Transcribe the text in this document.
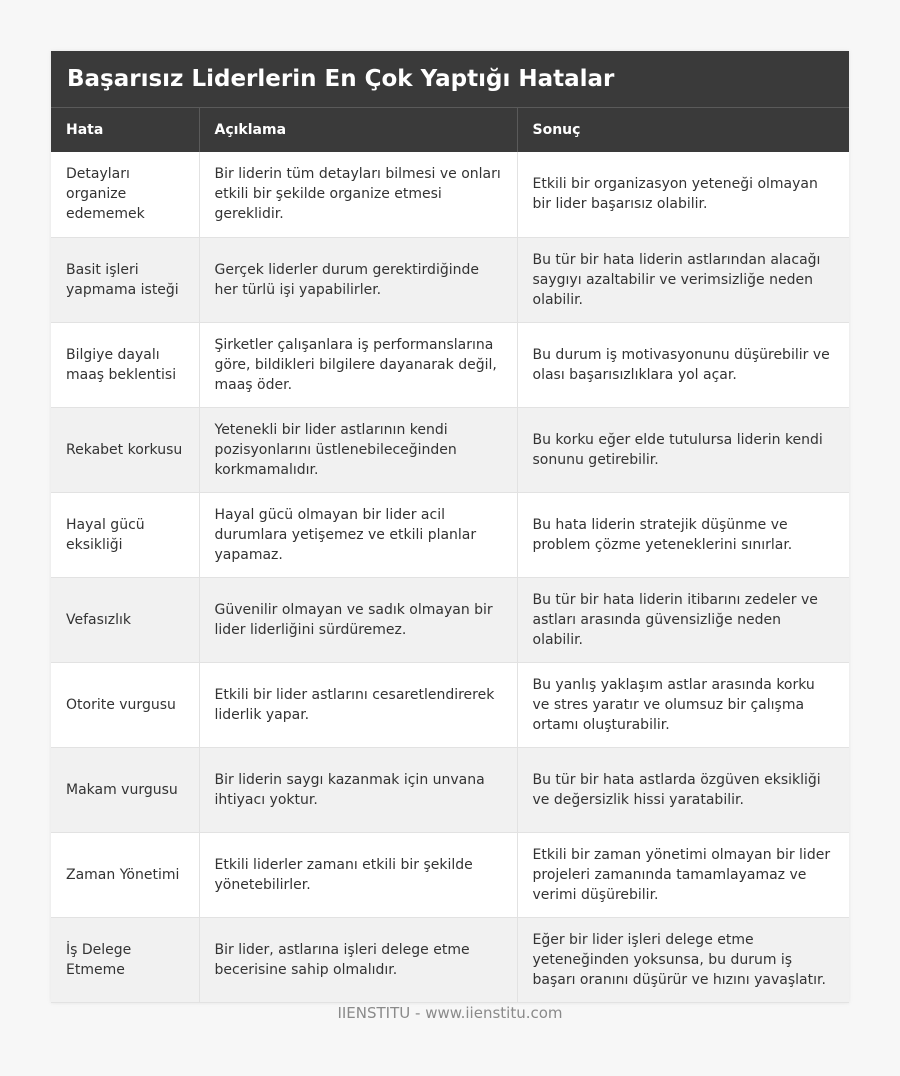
Başarısız Liderlerin En Çok Yaptığı Hatalar
Hata	Açıklama	Sonuç
Detayları organize edememek	Bir liderin tüm detayları bilmesi ve onları etkili bir şekilde organize etmesi gereklidir.	Etkili bir organizasyon yeteneği olmayan bir lider başarısız olabilir.
Basit işleri yapmama isteği	Gerçek liderler durum gerektirdiğinde her türlü işi yapabilirler.	Bu tür bir hata liderin astlarından alacağı saygıyı azaltabilir ve verimsizliğe neden olabilir.
Bilgiye dayalı maaş beklentisi	Şirketler çalışanlara iş performanslarına göre, bildikleri bilgilere dayanarak değil, maaş öder.	Bu durum iş motivasyonunu düşürebilir ve olası başarısızlıklara yol açar.
Rekabet korkusu	Yetenekli bir lider astlarının kendi pozisyonlarını üstlenebileceğinden korkmamalıdır.	Bu korku eğer elde tutulursa liderin kendi sonunu getirebilir.
Hayal gücü eksikliği	Hayal gücü olmayan bir lider acil durumlara yetişemez ve etkili planlar yapamaz.	Bu hata liderin stratejik düşünme ve problem çözme yeteneklerini sınırlar.
Vefasızlık	Güvenilir olmayan ve sadık olmayan bir lider liderliğini sürdüremez.	Bu tür bir hata liderin itibarını zedeler ve astları arasında güvensizliğe neden olabilir.
Otorite vurgusu	Etkili bir lider astlarını cesaretlendirerek liderlik yapar.	Bu yanlış yaklaşım astlar arasında korku ve stres yaratır ve olumsuz bir çalışma ortamı oluşturabilir.
Makam vurgusu	Bir liderin saygı kazanmak için unvana ihtiyacı yoktur.	Bu tür bir hata astlarda özgüven eksikliği ve değersizlik hissi yaratabilir.
Zaman Yönetimi	Etkili liderler zamanı etkili bir şekilde yönetebilirler.	Etkili bir zaman yönetimi olmayan bir lider projeleri zamanında tamamlayamaz ve verimi düşürebilir.
İş Delege Etmeme	Bir lider, astlarına işleri delege etme becerisine sahip olmalıdır.	Eğer bir lider işleri delege etme yeteneğinden yoksunsa, bu durum iş başarı oranını düşürür ve hızını yavaşlatır.
IIENSTITU - www.iienstitu.com
